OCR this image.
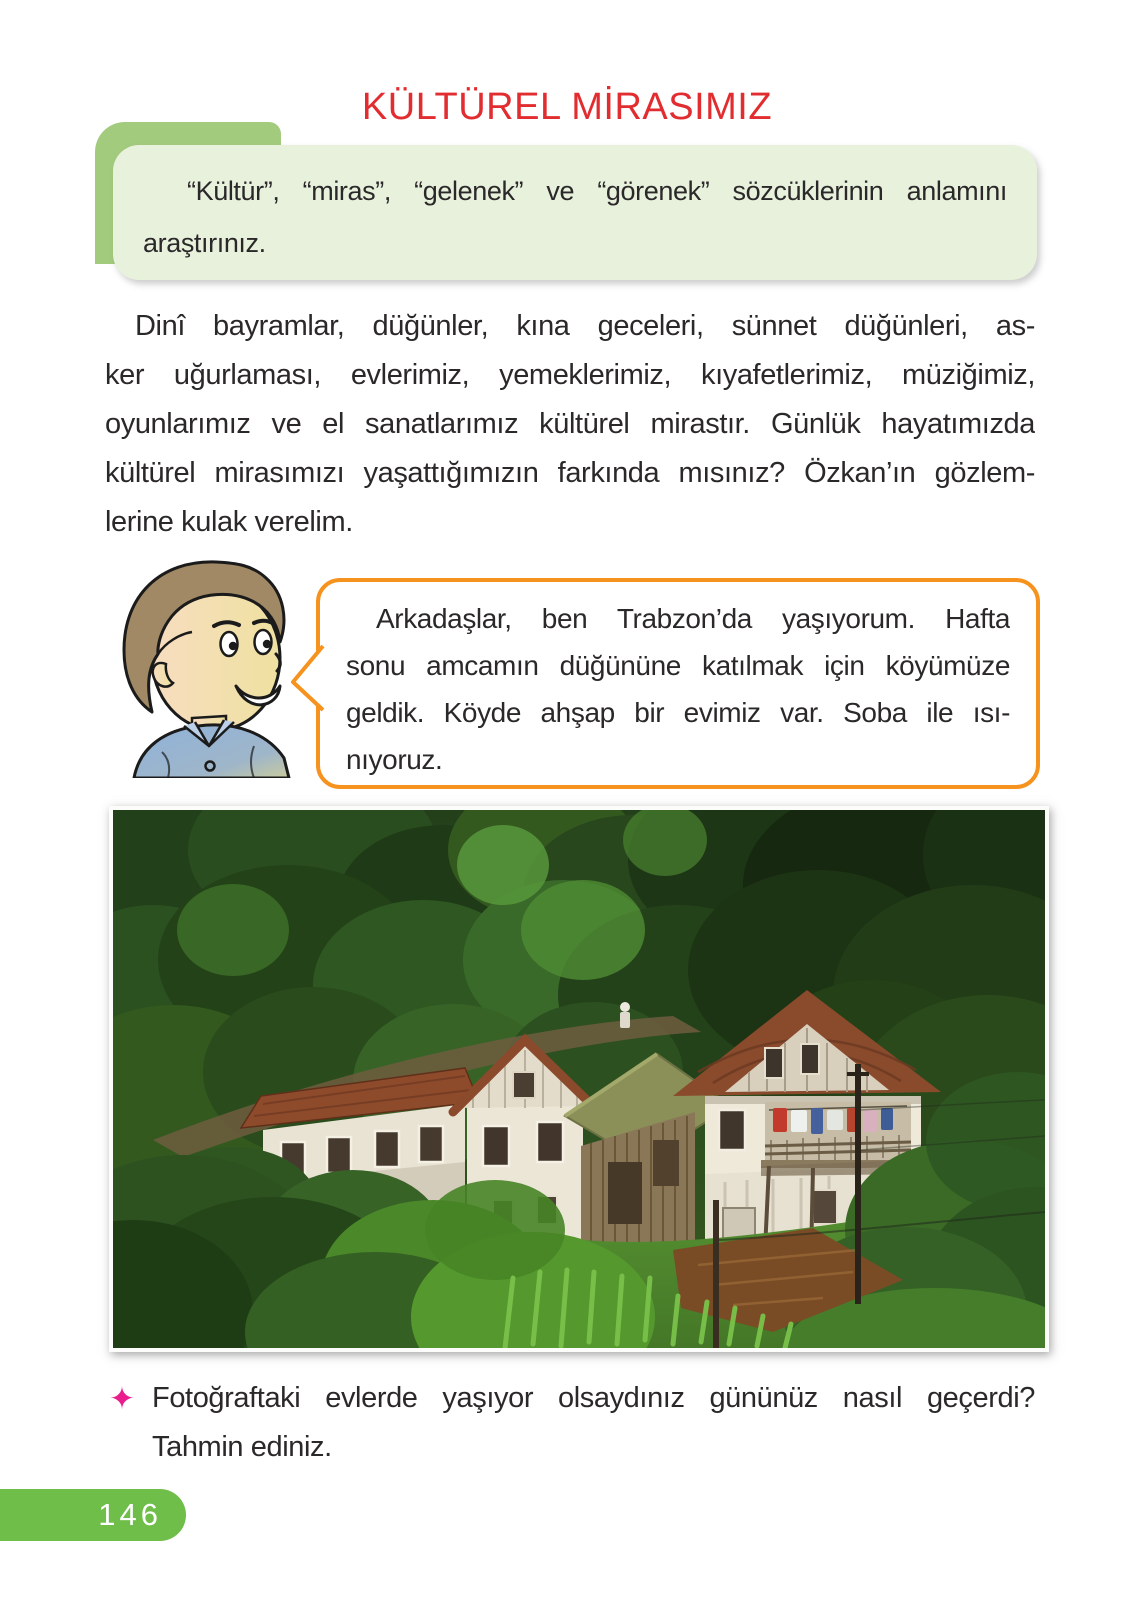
KÜLTÜREL MİRASIMIZ
“Kültür”, “miras”, “gelenek” ve “görenek” sözcüklerinin anlamını
araştırınız.
Dinî bayramlar, düğünler, kına geceleri, sünnet düğünleri, as-
ker uğurlaması, evlerimiz, yemeklerimiz, kıyafetlerimiz, müziğimiz,
oyunlarımız ve el sanatlarımız kültürel mirastır. Günlük hayatımızda
kültürel mirasımızı yaşattığımızın farkında mısınız? Özkan’ın gözlem-
lerine kulak verelim.
Arkadaşlar, ben Trabzon’da yaşıyorum. Hafta
sonu amcamın düğününe katılmak için köyümüze
geldik. Köyde ahşap bir evimiz var. Soba ile ısı-
nıyoruz.
✦ Fotoğraftaki evlerde yaşıyor olsaydınız gününüz nasıl geçerdi?
Tahmin ediniz.
146
